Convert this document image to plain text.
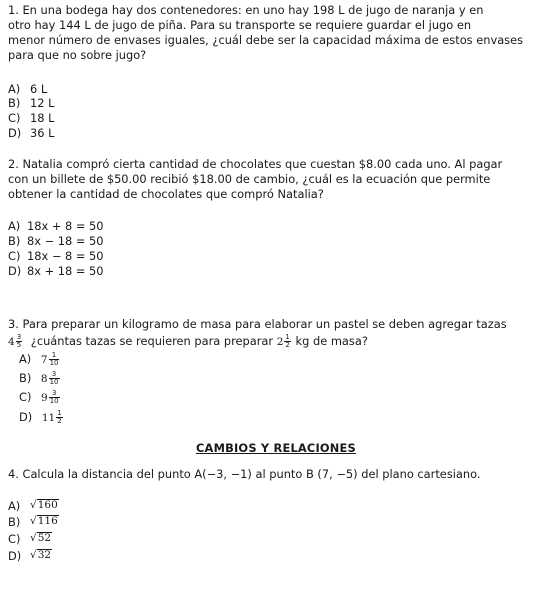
1. En una bodega hay dos contenedores: en uno hay 198 L de jugo de naranja y en
otro hay 144 L de jugo de piña. Para su transporte se requiere guardar el jugo en
menor número de envases iguales, ¿cuál debe ser la capacidad máxima de estos envases
para que no sobre jugo?
A) 6 L
B) 12 L
C) 18 L
D) 36 L
2. Natalia compró cierta cantidad de chocolates que cuestan $8.00 cada uno. Al pagar
con un billete de $50.00 recibió $18.00 de cambio, ¿cuál es la ecuación que permite
obtener la cantidad de chocolates que compró Natalia?
A) 18x + 8 = 50
B) 8x − 18 = 50
C) 18x − 8 = 50
D) 8x + 18 = 50
3. Para preparar un kilogramo de masa para elaborar un pastel se deben agregar tazas
$4 \frac{3}{5}$ ¿cuántas tazas se requieren para preparar $2 \frac{1}{2}$ kg de masa?
A) $7 \frac{1}{10}$
B) $8 \frac{3}{10}$
C) $9 \frac{3}{10}$
D) $11 \frac{1}{2}$
CAMBIOS Y RELACIONES
4. Calcula la distancia del punto A(−3, −1) al punto B (7, −5) del plano cartesiano.
A) √160
B) √116
C) √52
D) √32
